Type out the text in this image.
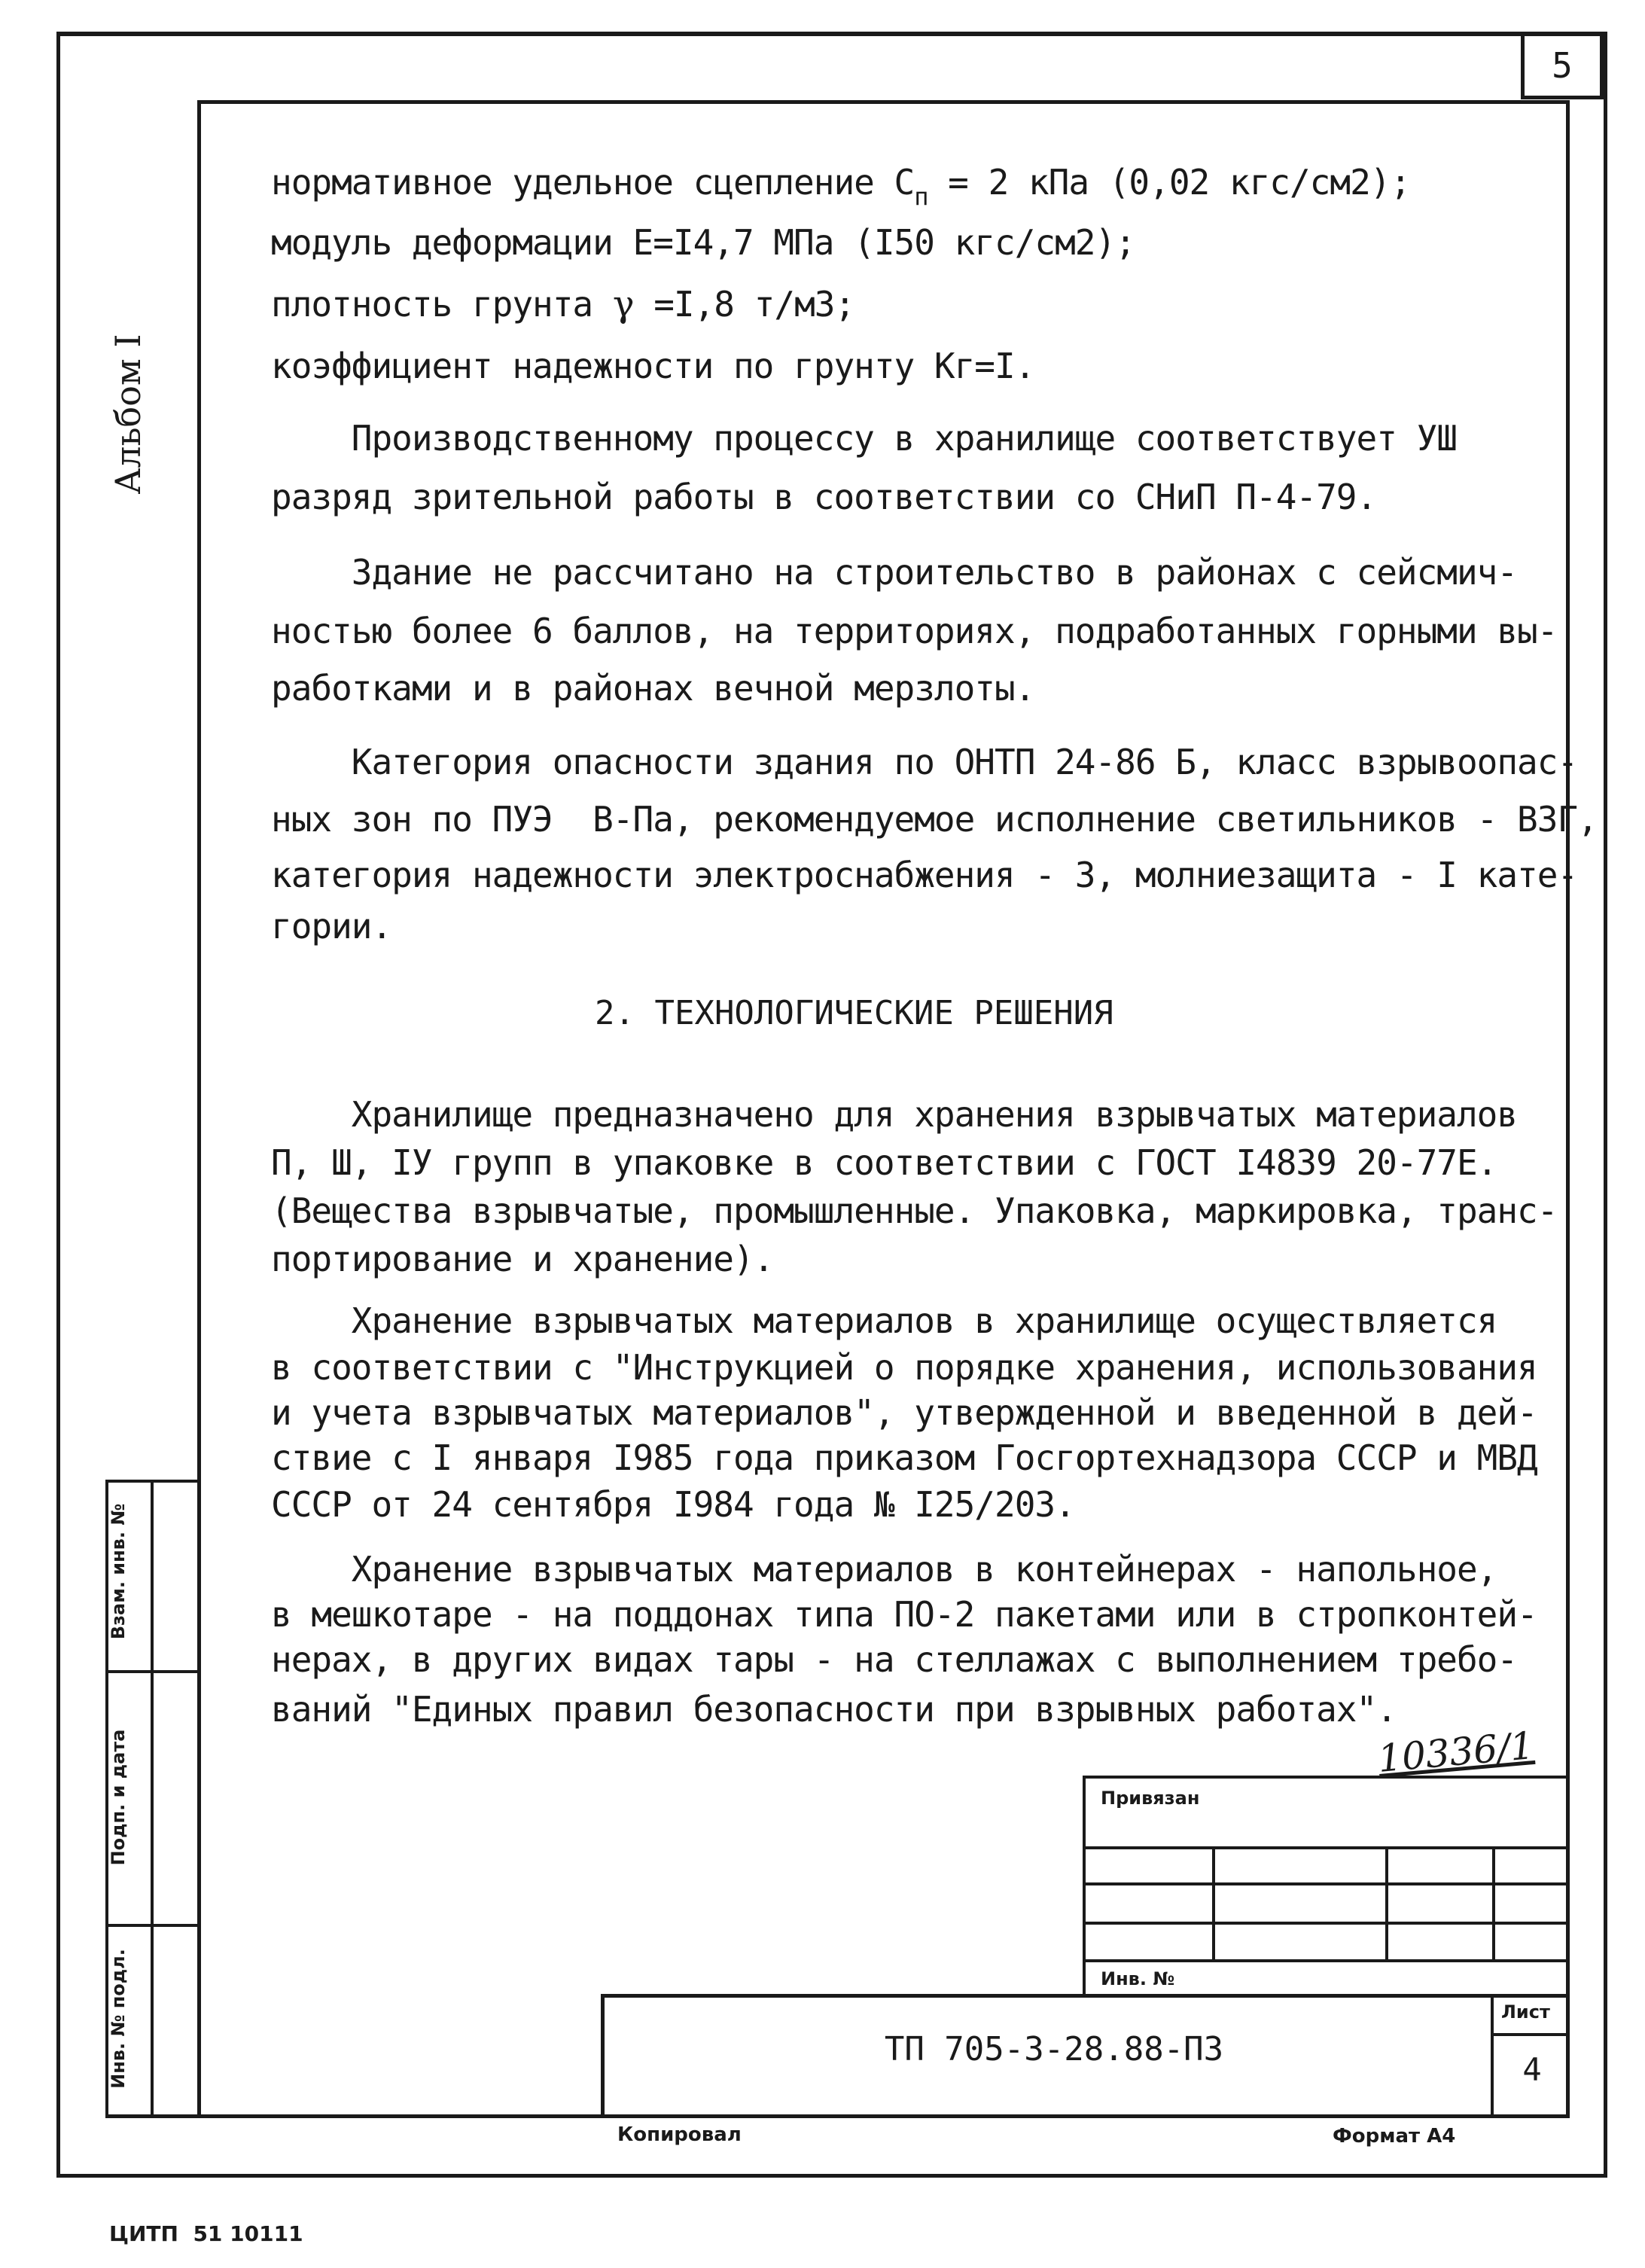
5
Альбом I
нормативное удельное сцепление $C_п = 2$ кПа (0,02 кгс/см2);
модуль деформации E=I4,7 МПа (I50 кгс/см2);
плотность грунта γ =I,8 т/м3;
коэффициент надежности по грунту Кг=I.
Производственному процессу в хранилище соответствует УШ
разряд зрительной работы в соответствии со СНиП П-4-79.
Здание не рассчитано на строительство в районах с сейсмич-
ностью более 6 баллов, на территориях, подработанных горными вы-
работками и в районах вечной мерзлоты.
Категория опасности здания по ОНТП 24-86 Б, класс взрывоопас-
ных зон по ПУЭ  В-Па, рекомендуемое исполнение светильников - ВЗГ,
категория надежности электроснабжения - 3, молниезащита - I кате-
гории.
2. ТЕХНОЛОГИЧЕСКИЕ РЕШЕНИЯ
Хранилище предназначено для хранения взрывчатых материалов
П, Ш, IУ групп в упаковке в соответствии с ГОСТ I4839 20-77Е.
(Вещества взрывчатые, промышленные. Упаковка, маркировка, транс-
портирование и хранение).
Хранение взрывчатых материалов в хранилище осуществляется
в соответствии с "Инструкцией о порядке хранения, использования
и учета взрывчатых материалов", утвержденной и введенной в дей-
ствие с I января I985 года приказом Госгортехнадзора СССР и МВД
СССР от 24 сентября I984 года № I25/203.
Хранение взрывчатых материалов в контейнерах - напольное,
в мешкотаре - на поддонах типа ПО-2 пакетами или в стропконтей-
нерах, в других видах тары - на стеллажах с выполнением требо-
ваний "Единых правил безопасности при взрывных работах".
10336/1
Взам. инв. №
Подп. и дата
Инв. № подл.
Привязан
Инв. №
ТП 705-3-28.88-ПЗ
Лист
4
Копировал	Формат А4
ЦИТП  51 10111
